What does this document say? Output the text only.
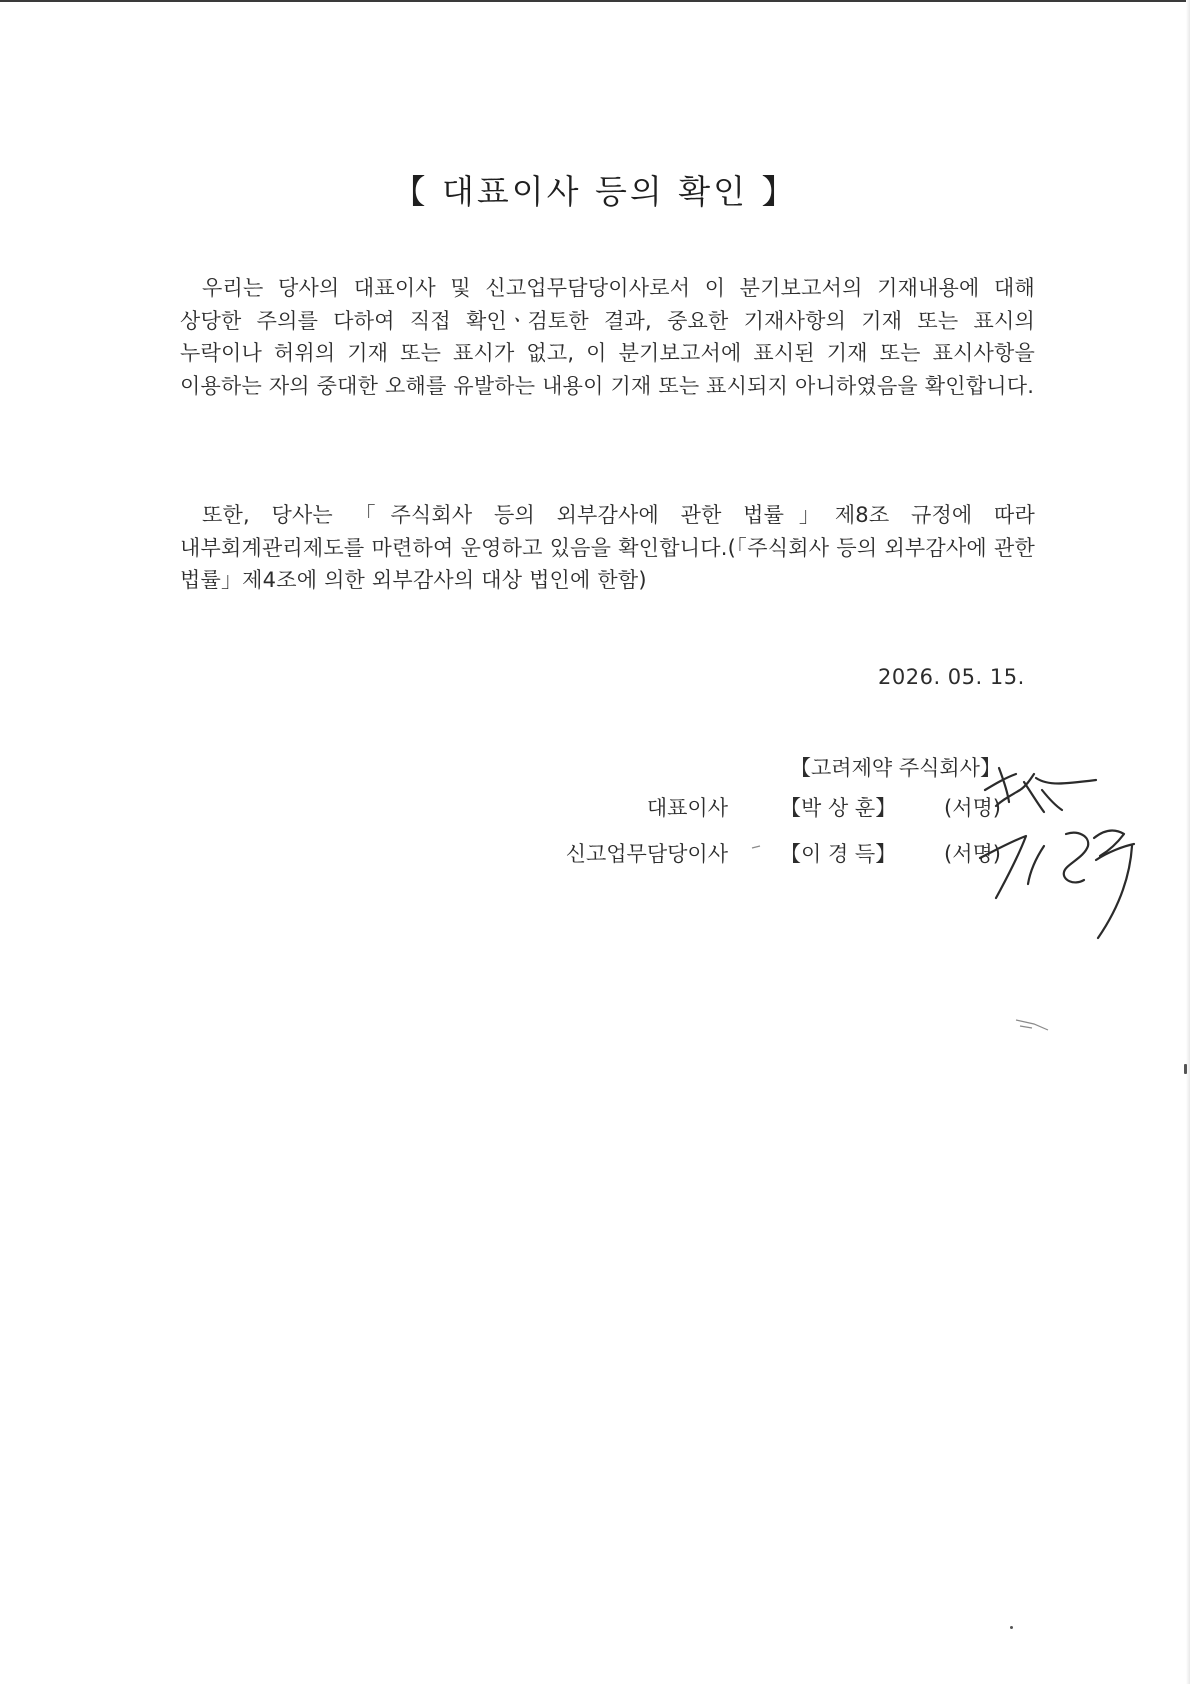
【 대표이사 등의 확인 】

우리는 당사의 대표이사 및 신고업무담당이사로서 이 분기보고서의 기재내용에 대해 상당한 주의를 다하여 직접 확인ㆍ검토한 결과, 중요한 기재사항의 기재 또는 표시의 누락이나 허위의 기재 또는 표시가 없고, 이 분기보고서에 표시된 기재 또는 표시사항을 이용하는 자의 중대한 오해를 유발하는 내용이 기재 또는 표시되지 아니하였음을 확인합니다.

또한, 당사는 「주식회사 등의 외부감사에 관한 법률」제8조 규정에 따라 내부회계관리제도를 마련하여 운영하고 있음을 확인합니다.(「주식회사 등의 외부감사에 관한 법률」제4조에 의한 외부감사의 대상 법인에 한함)

2026. 05. 15.
【고려제약 주식회사】
대표이사 【박 상 훈】 (서명)
신고업무담당이사 【이 경 득】 (서명)
